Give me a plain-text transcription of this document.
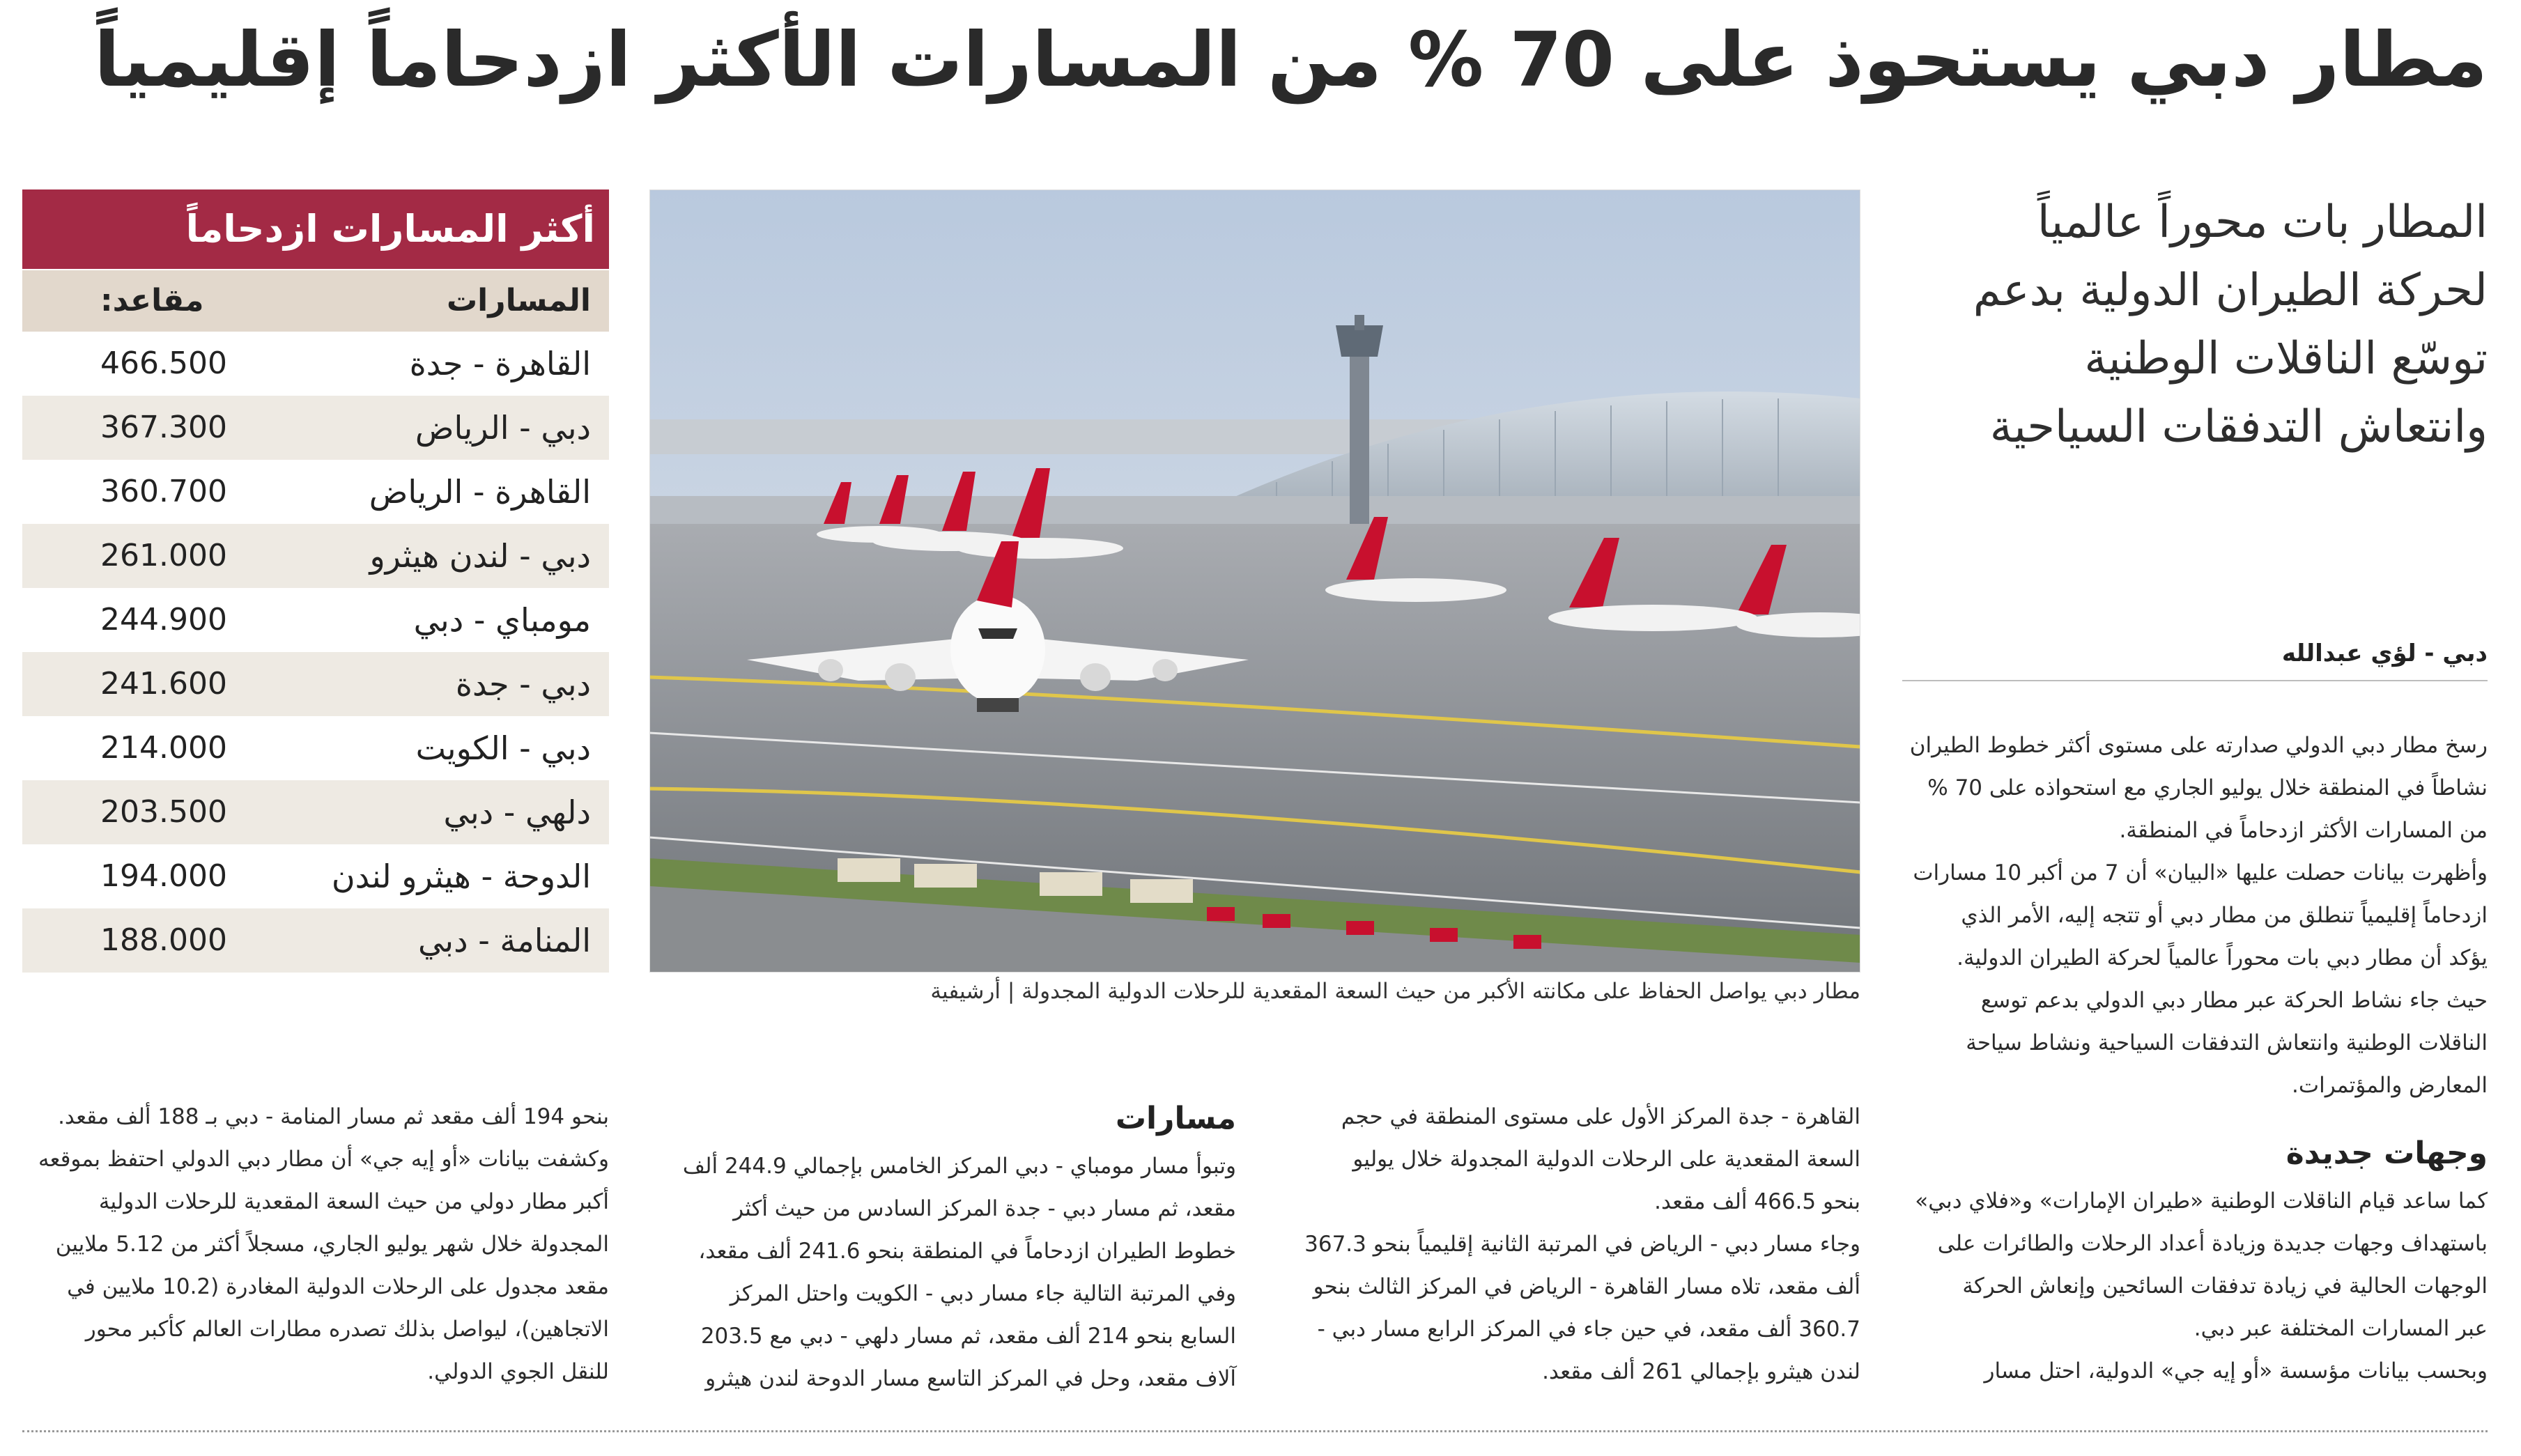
مطار دبي يستحوذ على 70 % من المسارات الأكثر ازدحاماً إقليمياً
المطار بات محوراً عالمياً
لحركة الطيران الدولية بدعم
توسّع الناقلات الوطنية
وانتعاش التدفقات السياحية
دبي - لؤي عبدالله
مطار دبي يواصل الحفاظ على مكانته الأكبر من حيث السعة المقعدية للرحلات الدولية المجدولة | أرشيفية
أكثر المسارات ازدحاماً
المسارات
مقاعد:
القاهرة - جدة
466.500
دبي - الرياض
367.300
القاهرة - الرياض
360.700
دبي - لندن هيثرو
261.000
مومباي - دبي
244.900
دبي - جدة
241.600
دبي - الكويت
214.000
دلهي - دبي
203.500
الدوحة - هيثرو لندن
194.000
المنامة - دبي
188.000
رسخ مطار دبي الدولي صدارته على مستوى أكثر خطوط الطيران
نشاطاً في المنطقة خلال يوليو الجاري مع استحواذه على 70 %
من المسارات الأكثر ازدحاماً في المنطقة.
وأظهرت بيانات حصلت عليها «البيان» أن 7 من أكبر 10 مسارات
ازدحاماً إقليمياً تنطلق من مطار دبي أو تتجه إليه، الأمر الذي
يؤكد أن مطار دبي بات محوراً عالمياً لحركة الطيران الدولية.
حيث جاء نشاط الحركة عبر مطار دبي الدولي بدعم توسع
الناقلات الوطنية وانتعاش التدفقات السياحية ونشاط سياحة
المعارض والمؤتمرات.
وجهات جديدة
كما ساعد قيام الناقلات الوطنية «طيران الإمارات» و«فلاي دبي»
باستهداف وجهات جديدة وزيادة أعداد الرحلات والطائرات على
الوجهات الحالية في زيادة تدفقات السائحين وإنعاش الحركة
عبر المسارات المختلفة عبر دبي.
وبحسب بيانات مؤسسة «أو إيه جي» الدولية، احتل مسار
القاهرة - جدة المركز الأول على مستوى المنطقة في حجم
السعة المقعدية على الرحلات الدولية المجدولة خلال يوليو
بنحو 466.5 ألف مقعد.
وجاء مسار دبي - الرياض في المرتبة الثانية إقليمياً بنحو 367.3
ألف مقعد، تلاه مسار القاهرة - الرياض في المركز الثالث بنحو
360.7 ألف مقعد، في حين جاء في المركز الرابع مسار دبي -
لندن هيثرو بإجمالي 261 ألف مقعد.
مسارات
وتبوأ مسار مومباي - دبي المركز الخامس بإجمالي 244.9 ألف
مقعد، ثم مسار دبي - جدة المركز السادس من حيث أكثر
خطوط الطيران ازدحاماً في المنطقة بنحو 241.6 ألف مقعد،
وفي المرتبة التالية جاء مسار دبي - الكويت واحتل المركز
السابع بنحو 214 ألف مقعد، ثم مسار دلهي - دبي مع 203.5
آلاف مقعد، وحل في المركز التاسع مسار الدوحة لندن هيثرو
بنحو 194 ألف مقعد ثم مسار المنامة - دبي بـ 188 ألف مقعد.
وكشفت بيانات «أو إيه جي» أن مطار دبي الدولي احتفظ بموقعه
أكبر مطار دولي من حيث السعة المقعدية للرحلات الدولية
المجدولة خلال شهر يوليو الجاري، مسجلاً أكثر من 5.12 ملايين
مقعد مجدول على الرحلات الدولية المغادرة (10.2 ملايين في
الاتجاهين)، ليواصل بذلك تصدره مطارات العالم كأكبر محور
للنقل الجوي الدولي.
